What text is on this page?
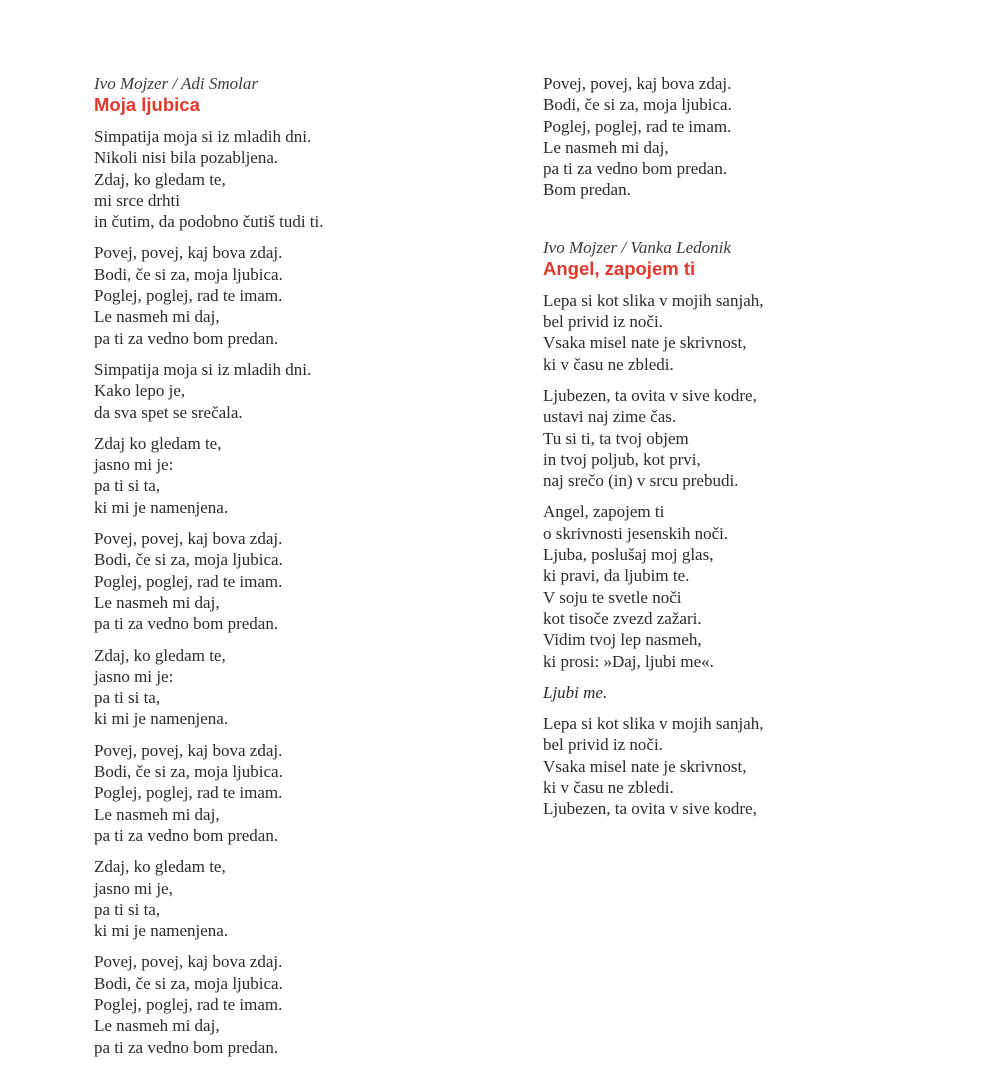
Ivo Mojzer / Adi Smolar

Moja ljubica
Simpatija moja si iz mladih dni.
Nikoli nisi bila pozabljena.
Zdaj, ko gledam te,
mi srce drhti
in čutim, da podobno čutiš tudi ti.
Povej, povej, kaj bova zdaj.
Bodi, če si za, moja ljubica.
Poglej, poglej, rad te imam.
Le nasmeh mi daj,
pa ti za vedno bom predan.
Simpatija moja si iz mladih dni.
Kako lepo je,
da sva spet se srečala.
Zdaj ko gledam te,
jasno mi je:
pa ti si ta,
ki mi je namenjena.
Povej, povej, kaj bova zdaj.
Bodi, če si za, moja ljubica.
Poglej, poglej, rad te imam.
Le nasmeh mi daj,
pa ti za vedno bom predan.
Zdaj, ko gledam te,
jasno mi je:
pa ti si ta,
ki mi je namenjena.
Povej, povej, kaj bova zdaj.
Bodi, če si za, moja ljubica.
Poglej, poglej, rad te imam.
Le nasmeh mi daj,
pa ti za vedno bom predan.
Zdaj, ko gledam te,
jasno mi je,
pa ti si ta,
ki mi je namenjena.
Povej, povej, kaj bova zdaj.
Bodi, če si za, moja ljubica.
Poglej, poglej, rad te imam.
Le nasmeh mi daj,
pa ti za vedno bom predan.
Povej, povej, kaj bova zdaj.
Bodi, če si za, moja ljubica.
Poglej, poglej, rad te imam.
Le nasmeh mi daj,
pa ti za vedno bom predan.
Bom predan.

Ivo Mojzer / Vanka Ledonik

Angel, zapojem ti
Lepa si kot slika v mojih sanjah,
bel privid iz noči.
Vsaka misel nate je skrivnost,
ki v času ne zbledi.
Ljubezen, ta ovita v sive kodre,
ustavi naj zime čas.
Tu si ti, ta tvoj objem
in tvoj poljub, kot prvi,
naj srečo (in) v srcu prebudi.
Angel, zapojem ti
o skrivnosti jesenskih noči.
Ljuba, poslušaj moj glas,
ki pravi, da ljubim te.
V soju te svetle noči
kot tisoče zvezd zažari.
Vidim tvoj lep nasmeh,
ki prosi: »Daj, ljubi me«.
Ljubi me.
Lepa si kot slika v mojih sanjah,
bel privid iz noči.
Vsaka misel nate je skrivnost,
ki v času ne zbledi.
Ljubezen, ta ovita v sive kodre,
